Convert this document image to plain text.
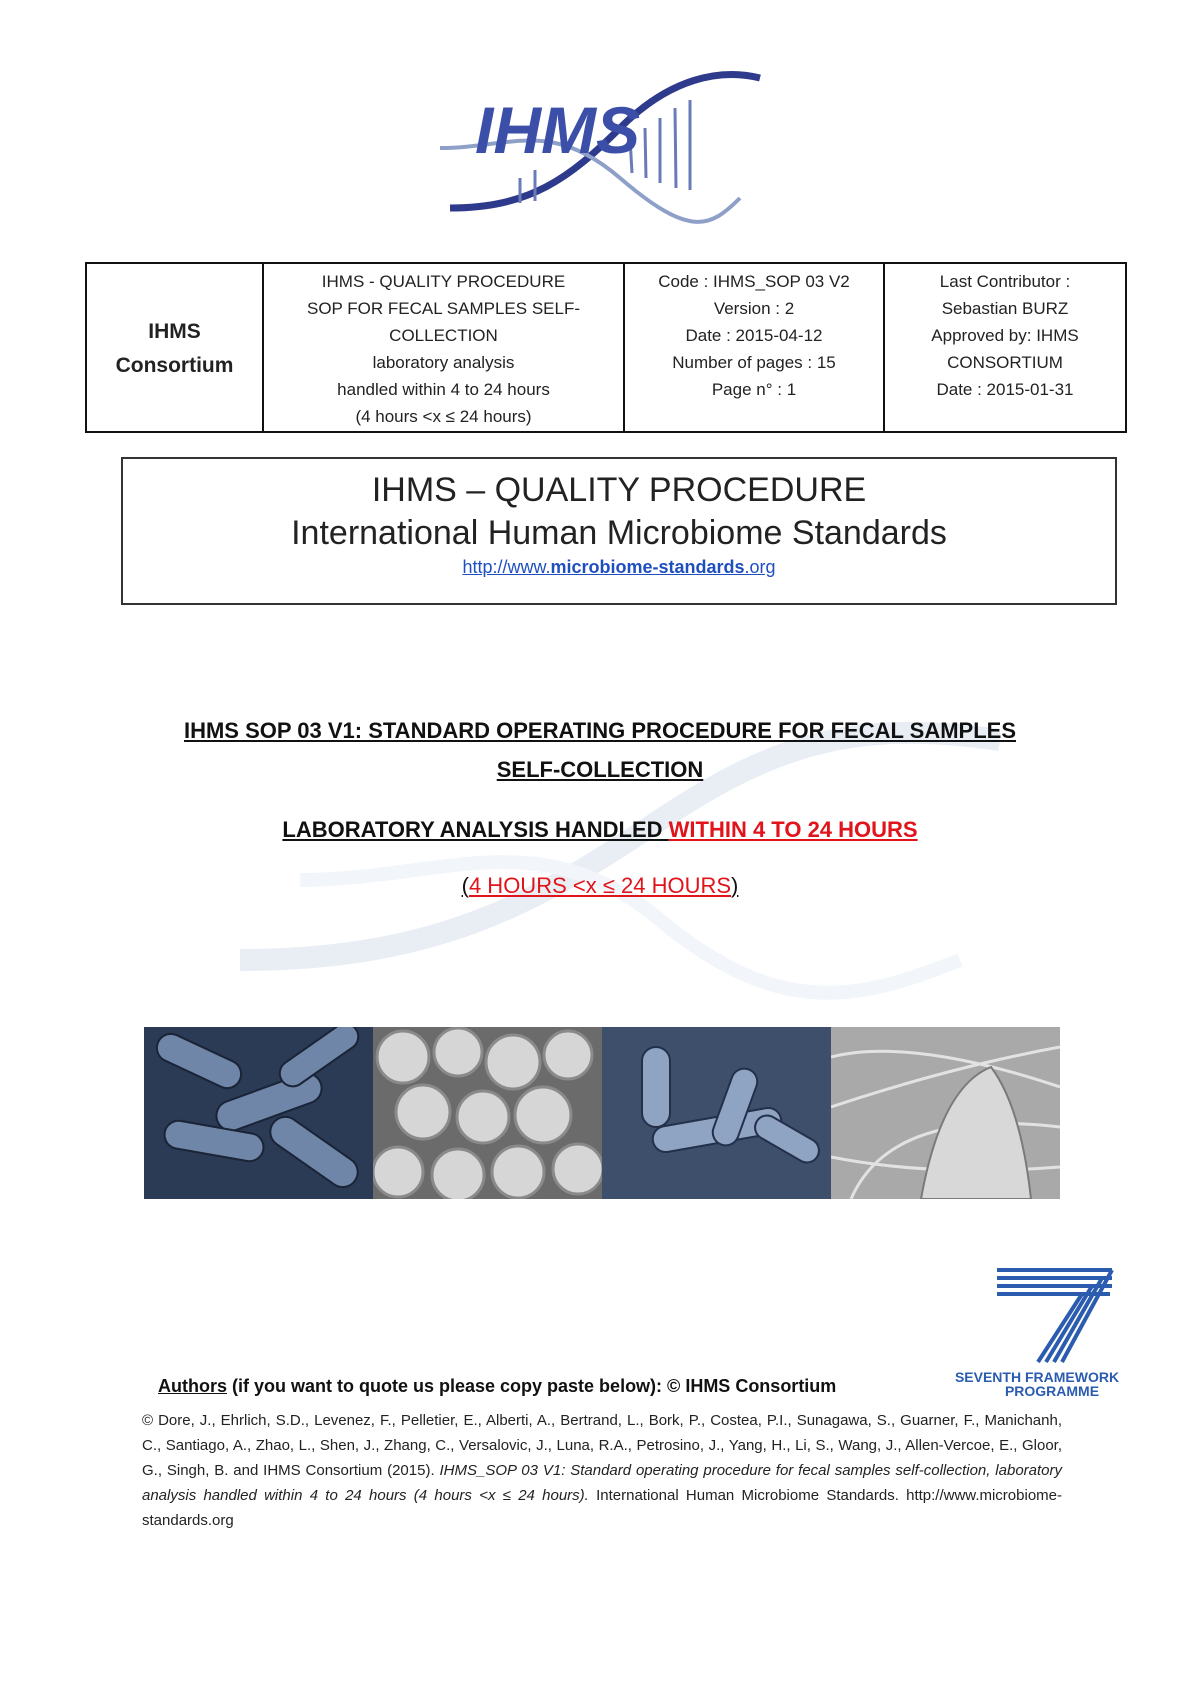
IHMS
IHMS
Consortium

IHMS - QUALITY PROCEDURE
SOP FOR FECAL SAMPLES SELF-
COLLECTION
laboratory analysis
handled within 4 to 24 hours
(4 hours <x ≤ 24 hours)

Code : IHMS_SOP 03 V2
Version : 2
Date : 2015-04-12
Number of pages : 15
Page n° : 1

Last Contributor :
Sebastian BURZ
Approved by: IHMS
CONSORTIUM
Date : 2015-01-31
IHMS – QUALITY PROCEDURE
International Human Microbiome Standards
http://www.microbiome-standards.org
IHMS SOP 03 V1: STANDARD OPERATING PROCEDURE FOR FECAL SAMPLES
SELF-COLLECTION
LABORATORY ANALYSIS HANDLED WITHIN 4 TO 24 HOURS
(4 HOURS <x ≤ 24 HOURS)
SEVENTH FRAMEWORK
PROGRAMME
Authors (if you want to quote us please copy paste below): © IHMS Consortium
© Dore, J., Ehrlich, S.D., Levenez, F., Pelletier, E., Alberti, A., Bertrand, L., Bork, P., Costea, P.I., Sunagawa, S., Guarner, F., Manichanh, C., Santiago, A., Zhao, L., Shen, J., Zhang, C., Versalovic, J., Luna, R.A., Petrosino, J., Yang, H., Li, S., Wang, J., Allen-Vercoe, E., Gloor, G., Singh, B. and IHMS Consortium (2015). IHMS_SOP 03 V1: Standard operating procedure for fecal samples self-collection, laboratory analysis handled within 4 to 24 hours (4 hours <x ≤ 24 hours). International Human Microbiome Standards. http://www.microbiome-standards.org
